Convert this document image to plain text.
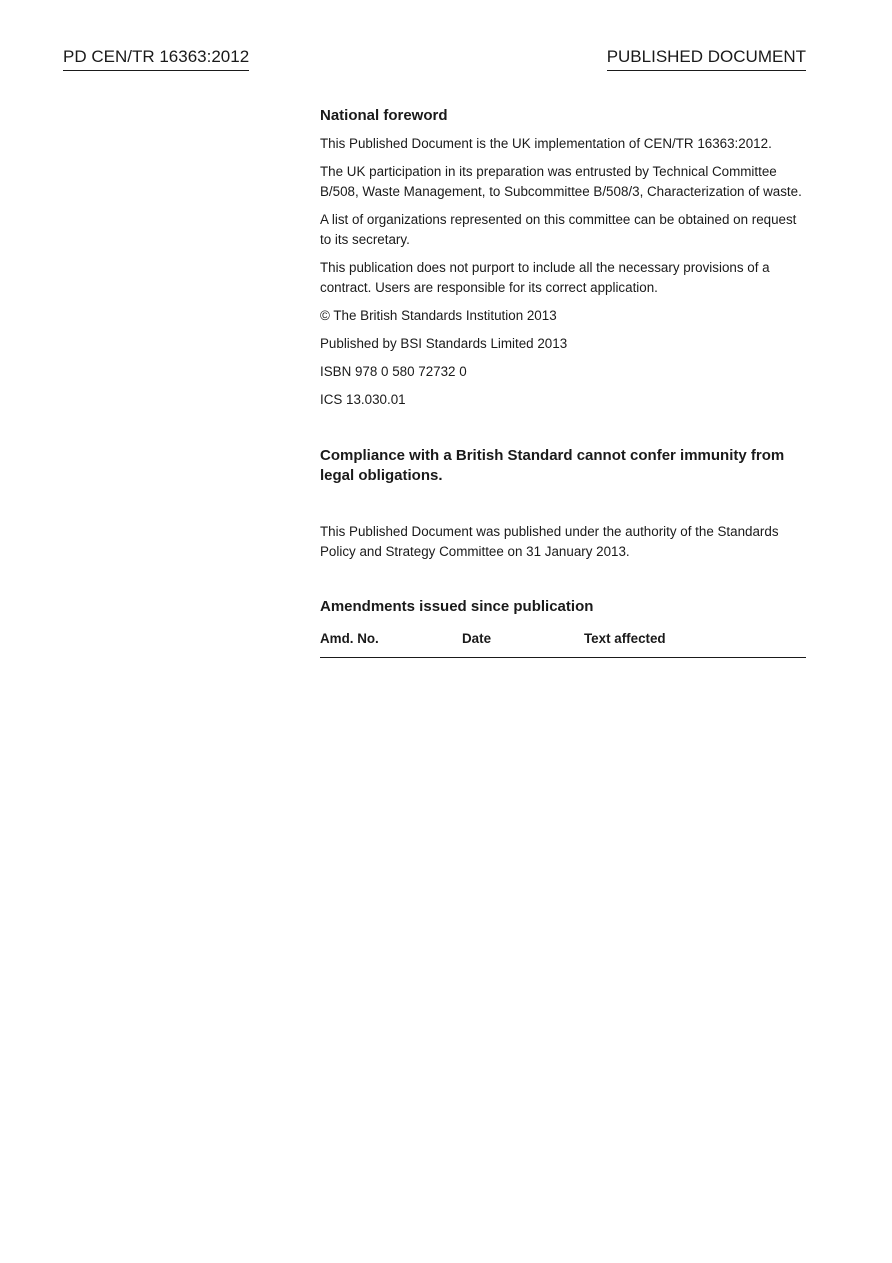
PD CEN/TR 16363:2012	PUBLISHED DOCUMENT
National foreword
This Published Document is the UK implementation of CEN/TR 16363:2012.
The UK participation in its preparation was entrusted by Technical Committee B/508, Waste Management, to Subcommittee B/508/3, Characterization of waste.
A list of organizations represented on this committee can be obtained on request to its secretary.
This publication does not purport to include all the necessary provisions of a contract. Users are responsible for its correct application.
© The British Standards Institution 2013
Published by BSI Standards Limited 2013
ISBN 978 0 580 72732 0
ICS 13.030.01
Compliance with a British Standard cannot confer immunity from legal obligations.
This Published Document was published under the authority of the Standards Policy and Strategy Committee on 31 January 2013.
Amendments issued since publication
Amd. No.	Date	Text affected
